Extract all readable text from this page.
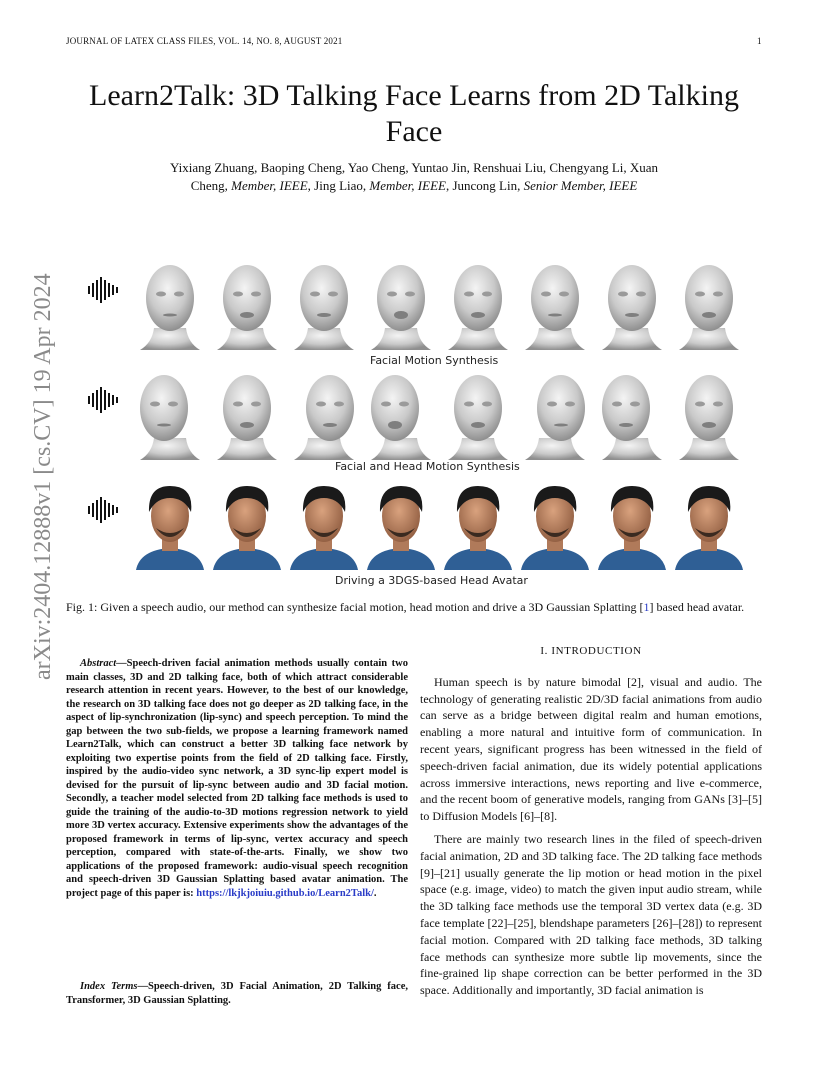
JOURNAL OF LATEX CLASS FILES, VOL. 14, NO. 8, AUGUST 2021	1
Learn2Talk: 3D Talking Face Learns from 2D Talking Face
Yixiang Zhuang, Baoping Cheng, Yao Cheng, Yuntao Jin, Renshuai Liu, Chengyang Li, Xuan
Cheng, Member, IEEE, Jing Liao, Member, IEEE, Juncong Lin, Senior Member, IEEE
arXiv:2404.12888v1 [cs.CV] 19 Apr 2024	Facial Motion Synthesis
Facial and Head Motion Synthesis
Driving a 3DGS-based Head Avatar
Fig. 1: Given a speech audio, our method can synthesize facial motion, head motion and drive a 3D Gaussian Splatting [1] based head avatar.
Abstract—Speech-driven facial animation methods usually contain two main classes, 3D and 2D talking face, both of which attract considerable research attention in recent years. However, to the best of our knowledge, the research on 3D talking face does not go deeper as 2D talking face, in the aspect of lip-synchronization (lip-sync) and speech perception. To mind the gap between the two sub-fields, we propose a learning framework named Learn2Talk, which can construct a better 3D talking face network by exploiting two expertise points from the field of 2D talking face. Firstly, inspired by the audio-video sync network, a 3D sync-lip expert model is devised for the pursuit of lip-sync between audio and 3D facial motion. Secondly, a teacher model selected from 2D talking face methods is used to guide the training of the audio-to-3D motions regression network to yield more 3D vertex accuracy. Extensive experiments show the advantages of the proposed framework in terms of lip-sync, vertex accuracy and speech perception, compared with state-of-the-arts. Finally, we show two applications of the proposed framework: audio-visual speech recognition and speech-driven 3D Gaussian Splatting based avatar animation. The project page of this paper is: https://lkjkjoiuiu.github.io/Learn2Talk/.
Index Terms—Speech-driven, 3D Facial Animation, 2D Talking face, Transformer, 3D Gaussian Splatting.
I. INTRODUCTION

Human speech is by nature bimodal [2], visual and audio. The technology of generating realistic 2D/3D facial animations from audio can serve as a bridge between digital realm and human emotions, enabling a more natural and intuitive form of communication. In recent years, significant progress has been witnessed in the field of speech-driven facial animation, due its widely potential applications across immersive interactions, news reporting and live e-commerce, and the recent boom of generative models, ranging from GANs [3]–[5] to Diffusion Models [6]–[8].

There are mainly two research lines in the filed of speech-driven facial animation, 2D and 3D talking face. The 2D talking face methods [9]–[21] usually generate the lip motion or head motion in the pixel space (e.g. image, video) to match the given input audio stream, while the 3D talking face methods use the temporal 3D vertex data (e.g. 3D face template [22]–[25], blendshape parameters [26]–[28]) to represent facial motion. Compared with 2D talking face methods, 3D talking face methods can synthesize more subtle lip movements, since the fine-grained lip shape correction can be better performed in the 3D space. Additionally and importantly, 3D facial animation is
